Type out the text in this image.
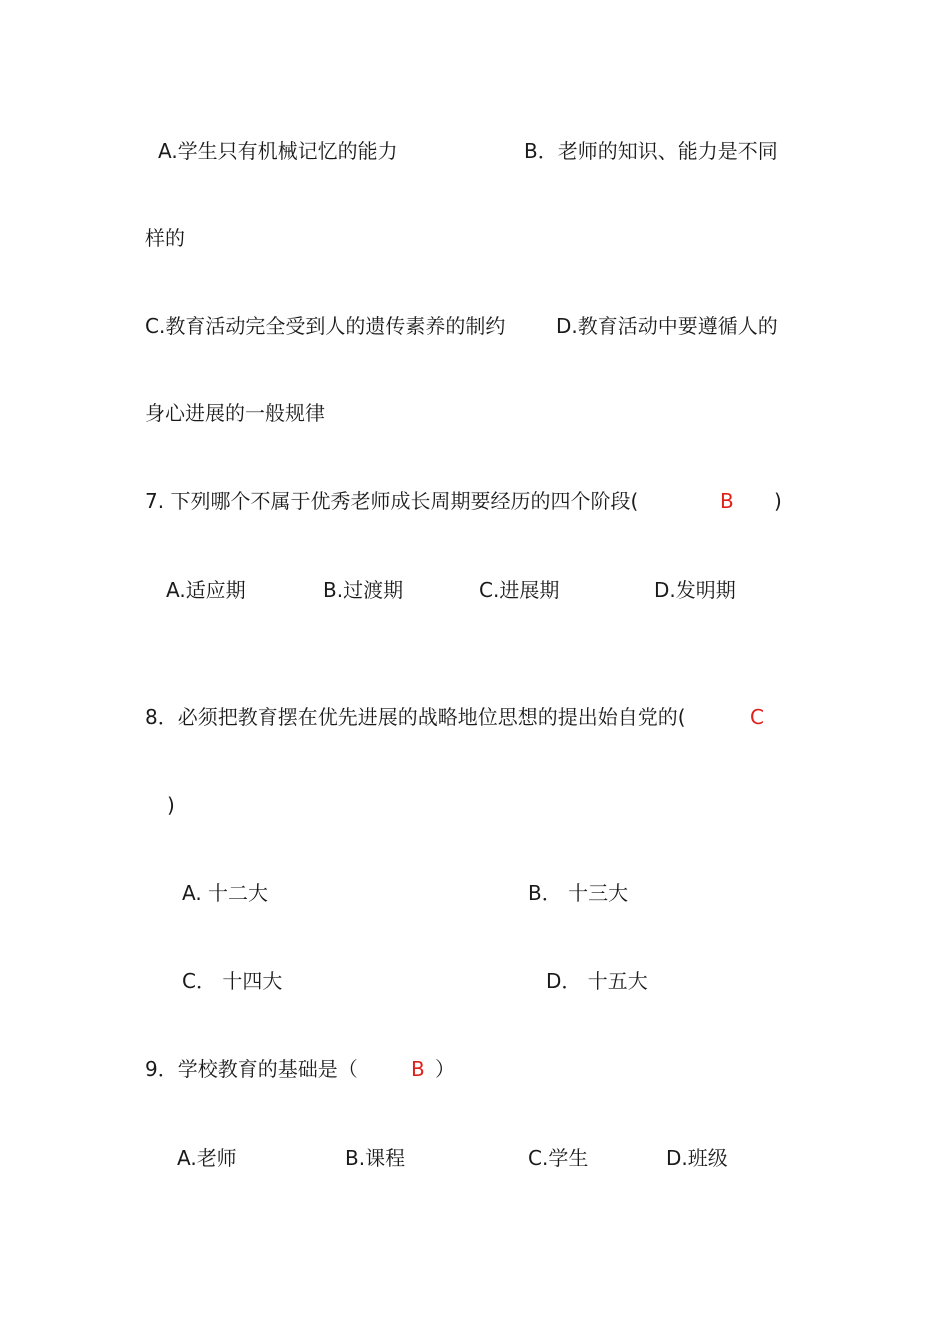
A.学生只有机械记忆的能力	B．老师的知识、能力是不同
样的
C.教育活动完全受到人的遗传素养的制约	D.教育活动中要遵循人的
身心进展的一般规律
7. 下列哪个不属于优秀老师成长周期要经历的四个阶段(	B )
A.适应期	B.过渡期	C.进展期	D.发明期
8．必须把教育摆在优先进展的战略地位思想的提出始自党的(	C
)
A. 十二大	B． 十三大
C． 十四大	D． 十五大
9．学校教育的基础是（	B ）
A.老师	B.课程	C.学生	D.班级
